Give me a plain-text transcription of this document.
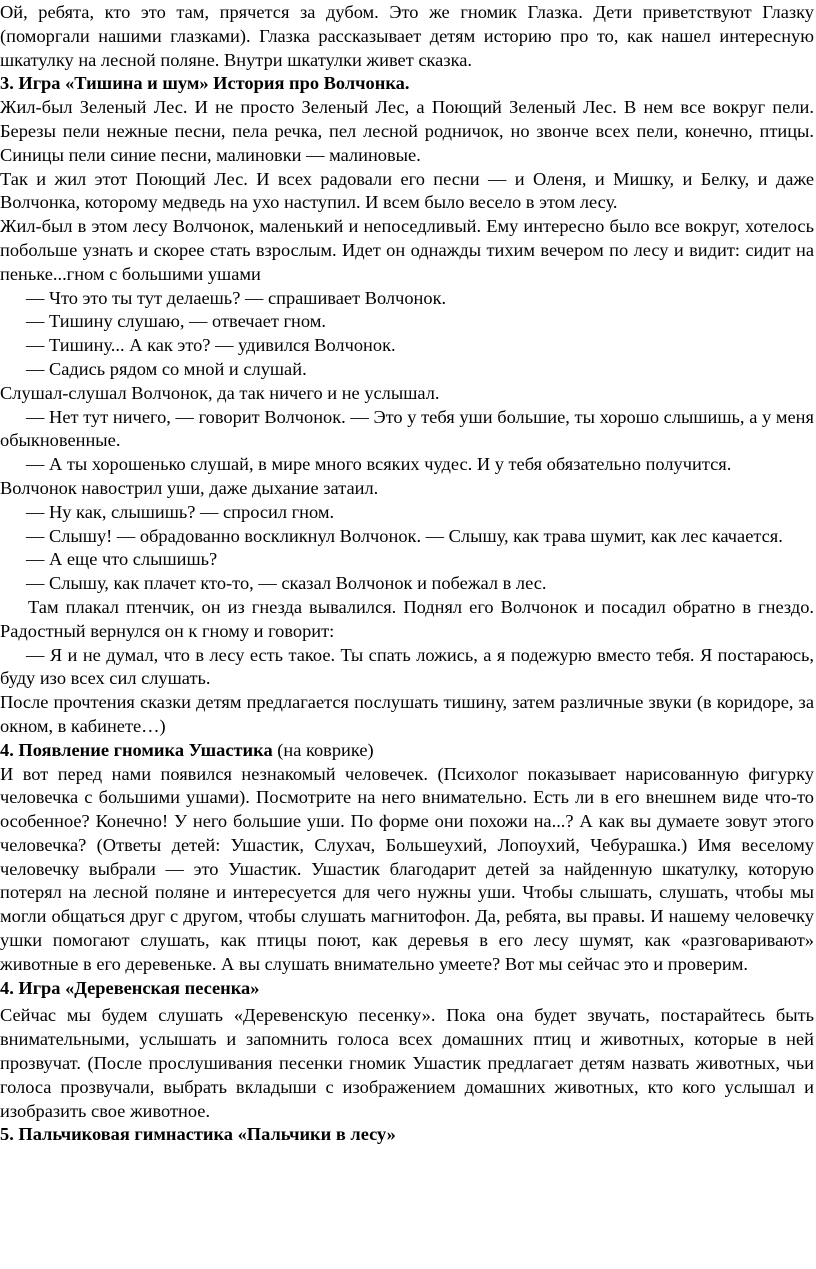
Ой, ребята, кто это там, прячется за дубом. Это же гномик Глазка. Дети приветствуют Глазку (поморгали нашими глазками). Глазка рассказывает детям историю про то, как нашел интересную шкатулку на лесной поляне. Внутри шкатулки живет сказка.

3. Игра «Тишина и шум» История про Волчонка.

Жил-был Зеленый Лес. И не просто Зеленый Лес, а Поющий Зеленый Лес. В нем все вокруг пели. Березы пели нежные песни, пела речка, пел лесной родничок, но звонче всех пели, конечно, птицы. Синицы пели синие песни, малиновки — малиновые.

Так и жил этот Поющий Лес. И всех радовали его песни — и Оленя, и Мишку, и Белку, и даже Волчонка, которому медведь на ухо наступил. И всем было весело в этом лесу.

Жил-был в этом лесу Волчонок, маленький и непоседливый. Ему интересно было все вокруг, хотелось побольше узнать и скорее стать взрослым. Идет он однажды тихим вечером по лесу и видит: сидит на пеньке...гном с большими ушами

— Что это ты тут делаешь? — спрашивает Волчонок.

— Тишину слушаю, — отвечает гном.

— Тишину... А как это? — удивился Волчонок.

— Садись рядом со мной и слушай.

Слушал-слушал Волчонок, да так ничего и не услышал.

— Нет тут ничего, — говорит Волчонок. — Это у тебя уши большие, ты хорошо слышишь, а у меня обыкновенные.

— А ты хорошенько слушай, в мире много всяких чудес. И у тебя обязательно получится.

Волчонок навострил уши, даже дыхание затаил.

— Ну как, слышишь? — спросил гном.

— Слышу! — обрадованно воскликнул Волчонок. — Слышу, как трава шумит, как лес качается.

— А еще что слышишь?

— Слышу, как плачет кто-то, — сказал Волчонок и побежал в лес.

Там плакал птенчик, он из гнезда вывалился. Поднял его Волчонок и посадил обратно в гнездо. Радостный вернулся он к гному и говорит:

— Я и не думал, что в лесу есть такое. Ты спать ложись, а я подежурю вместо тебя. Я постараюсь, буду изо всех сил слушать.

После прочтения сказки детям предлагается послушать тишину, затем различные звуки (в коридоре, за окном, в кабинете…)

4. Появление гномика Ушастика (на коврике)

И вот перед нами появился незнакомый человечек. (Психолог показывает нарисованную фигурку человечка с большими ушами). Посмотрите на него внимательно. Есть ли в его внешнем виде что-то особенное? Конечно! У него большие уши. По форме они похожи на...? А как вы думаете зовут этого человечка? (Ответы детей: Ушастик, Слухач, Большеухий, Лопоухий, Чебурашка.) Имя веселому человечку выбрали — это Ушастик. Ушастик благодарит детей за найденную шкатулку, которую потерял на лесной поляне и интересуется для чего нужны уши. Чтобы слышать, слушать, чтобы мы могли общаться друг с другом, чтобы слушать магнитофон. Да, ребята, вы правы. И нашему человечку ушки помогают слушать, как птицы поют, как деревья в его лесу шумят, как «разговаривают» животные в его деревеньке. А вы слушать внимательно умеете? Вот мы сейчас это и проверим.

4. Игра «Деревенская песенка»

Сейчас мы будем слушать «Деревенскую песенку». Пока она будет звучать, постарайтесь быть внимательными, услышать и запомнить голоса всех домашних птиц и животных, которые в ней прозвучат. (После прослушивания песенки гномик Ушастик предлагает детям назвать животных, чьи голоса прозвучали, выбрать вкладыши с изображением домашних животных, кто кого услышал и изобразить свое животное.

5. Пальчиковая гимнастика «Пальчики в лесу»
